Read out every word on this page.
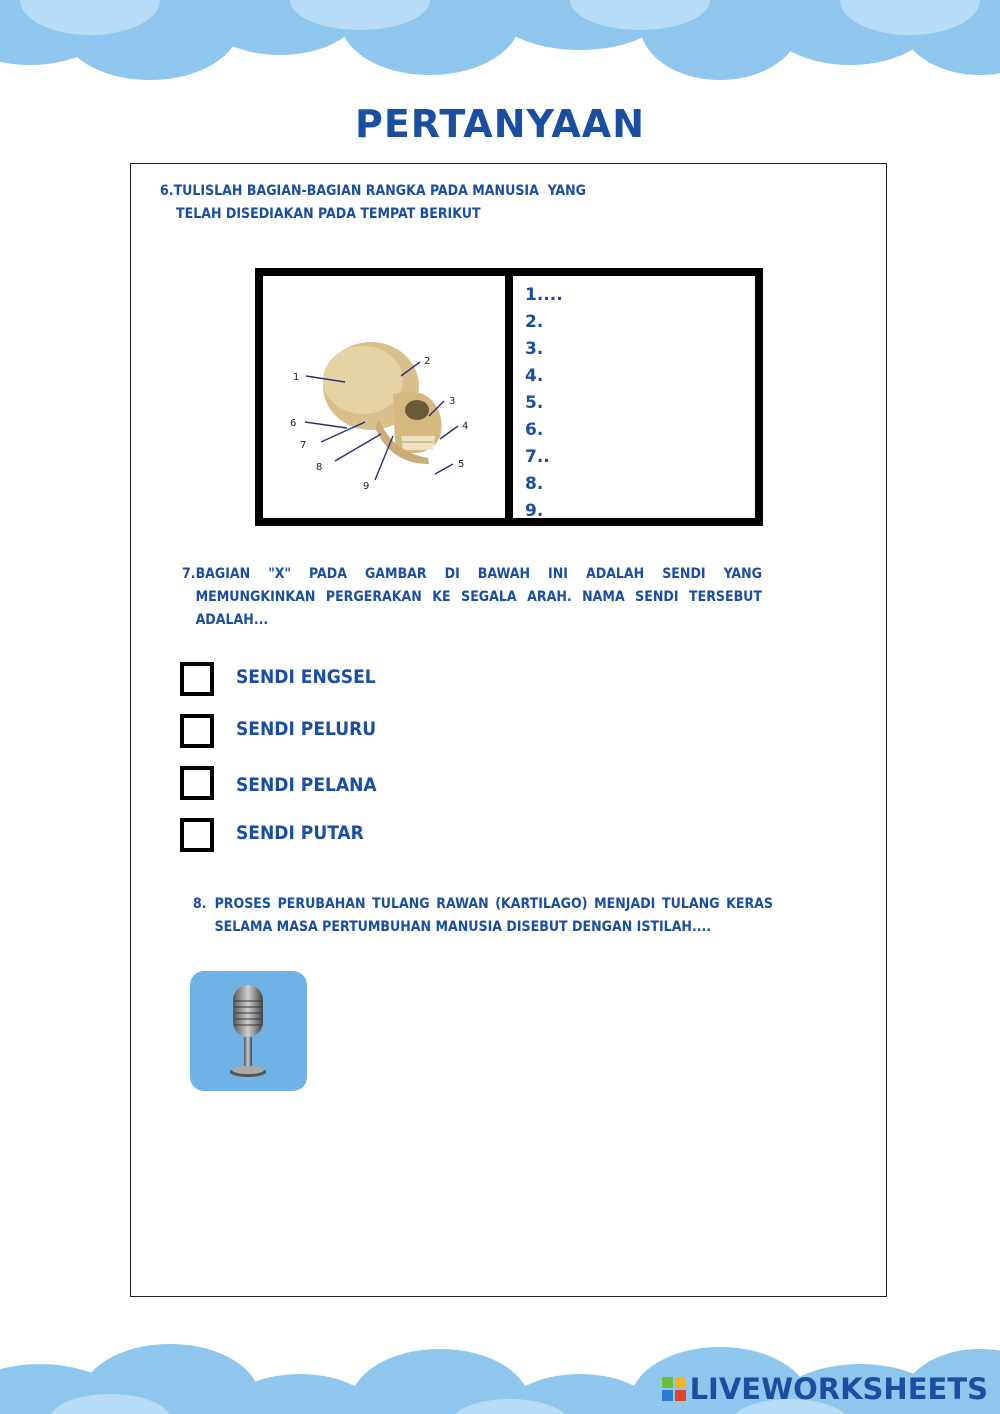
PERTANYAAN
6.TULISLAH BAGIAN-BAGIAN RANGKA PADA MANUSIA  YANG
TELAH DISEDIAKAN PADA TEMPAT BERIKUT
1
2
3
4
5
6
7
8
9
1....
2.
3.
4.
5.
6.
7..
8.
9.
7. BAGIAN "X" PADA GAMBAR DI BAWAH INI ADALAH SENDI YANG MEMUNGKINKAN PERGERAKAN KE SEGALA ARAH. NAMA SENDI TERSEBUT ADALAH...
SENDI ENGSEL
SENDI PELURU
SENDI PELANA
SENDI PUTAR
8. PROSES PERUBAHAN TULANG RAWAN (KARTILAGO) MENJADI TULANG KERAS SELAMA MASA PERTUMBUHAN MANUSIA DISEBUT DENGAN ISTILAH....
LIVEWORKSHEETS
